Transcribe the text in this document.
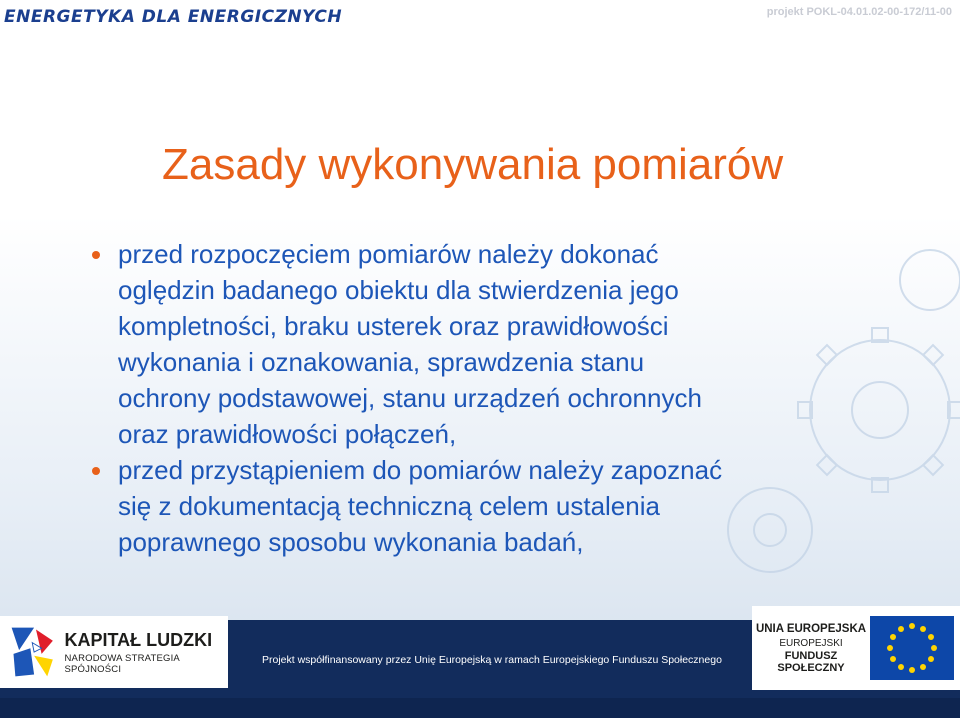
ENERGETYKA DLA ENERGICZNYCH	projekt POKL-04.01.02-00-172/11-00
Zasady wykonywania pomiarów
przed rozpoczęciem pomiarów należy dokonać
oględzin badanego obiektu dla stwierdzenia jego
kompletności, braku usterek oraz prawidłowości
wykonania i oznakowania, sprawdzenia stanu
ochrony podstawowej, stanu urządzeń ochronnych
oraz prawidłowości połączeń,
przed przystąpieniem do pomiarów należy zapoznać
się z dokumentacją techniczną celem ustalenia
poprawnego sposobu wykonania badań,
KAPITAŁ LUDZKI
NARODOWA STRATEGIA SPÓJNOŚCI
Projekt współfinansowany przez Unię Europejską w ramach Europejskiego Funduszu Społecznego
UNIA EUROPEJSKA
EUROPEJSKI
FUNDUSZ SPOŁECZNY
